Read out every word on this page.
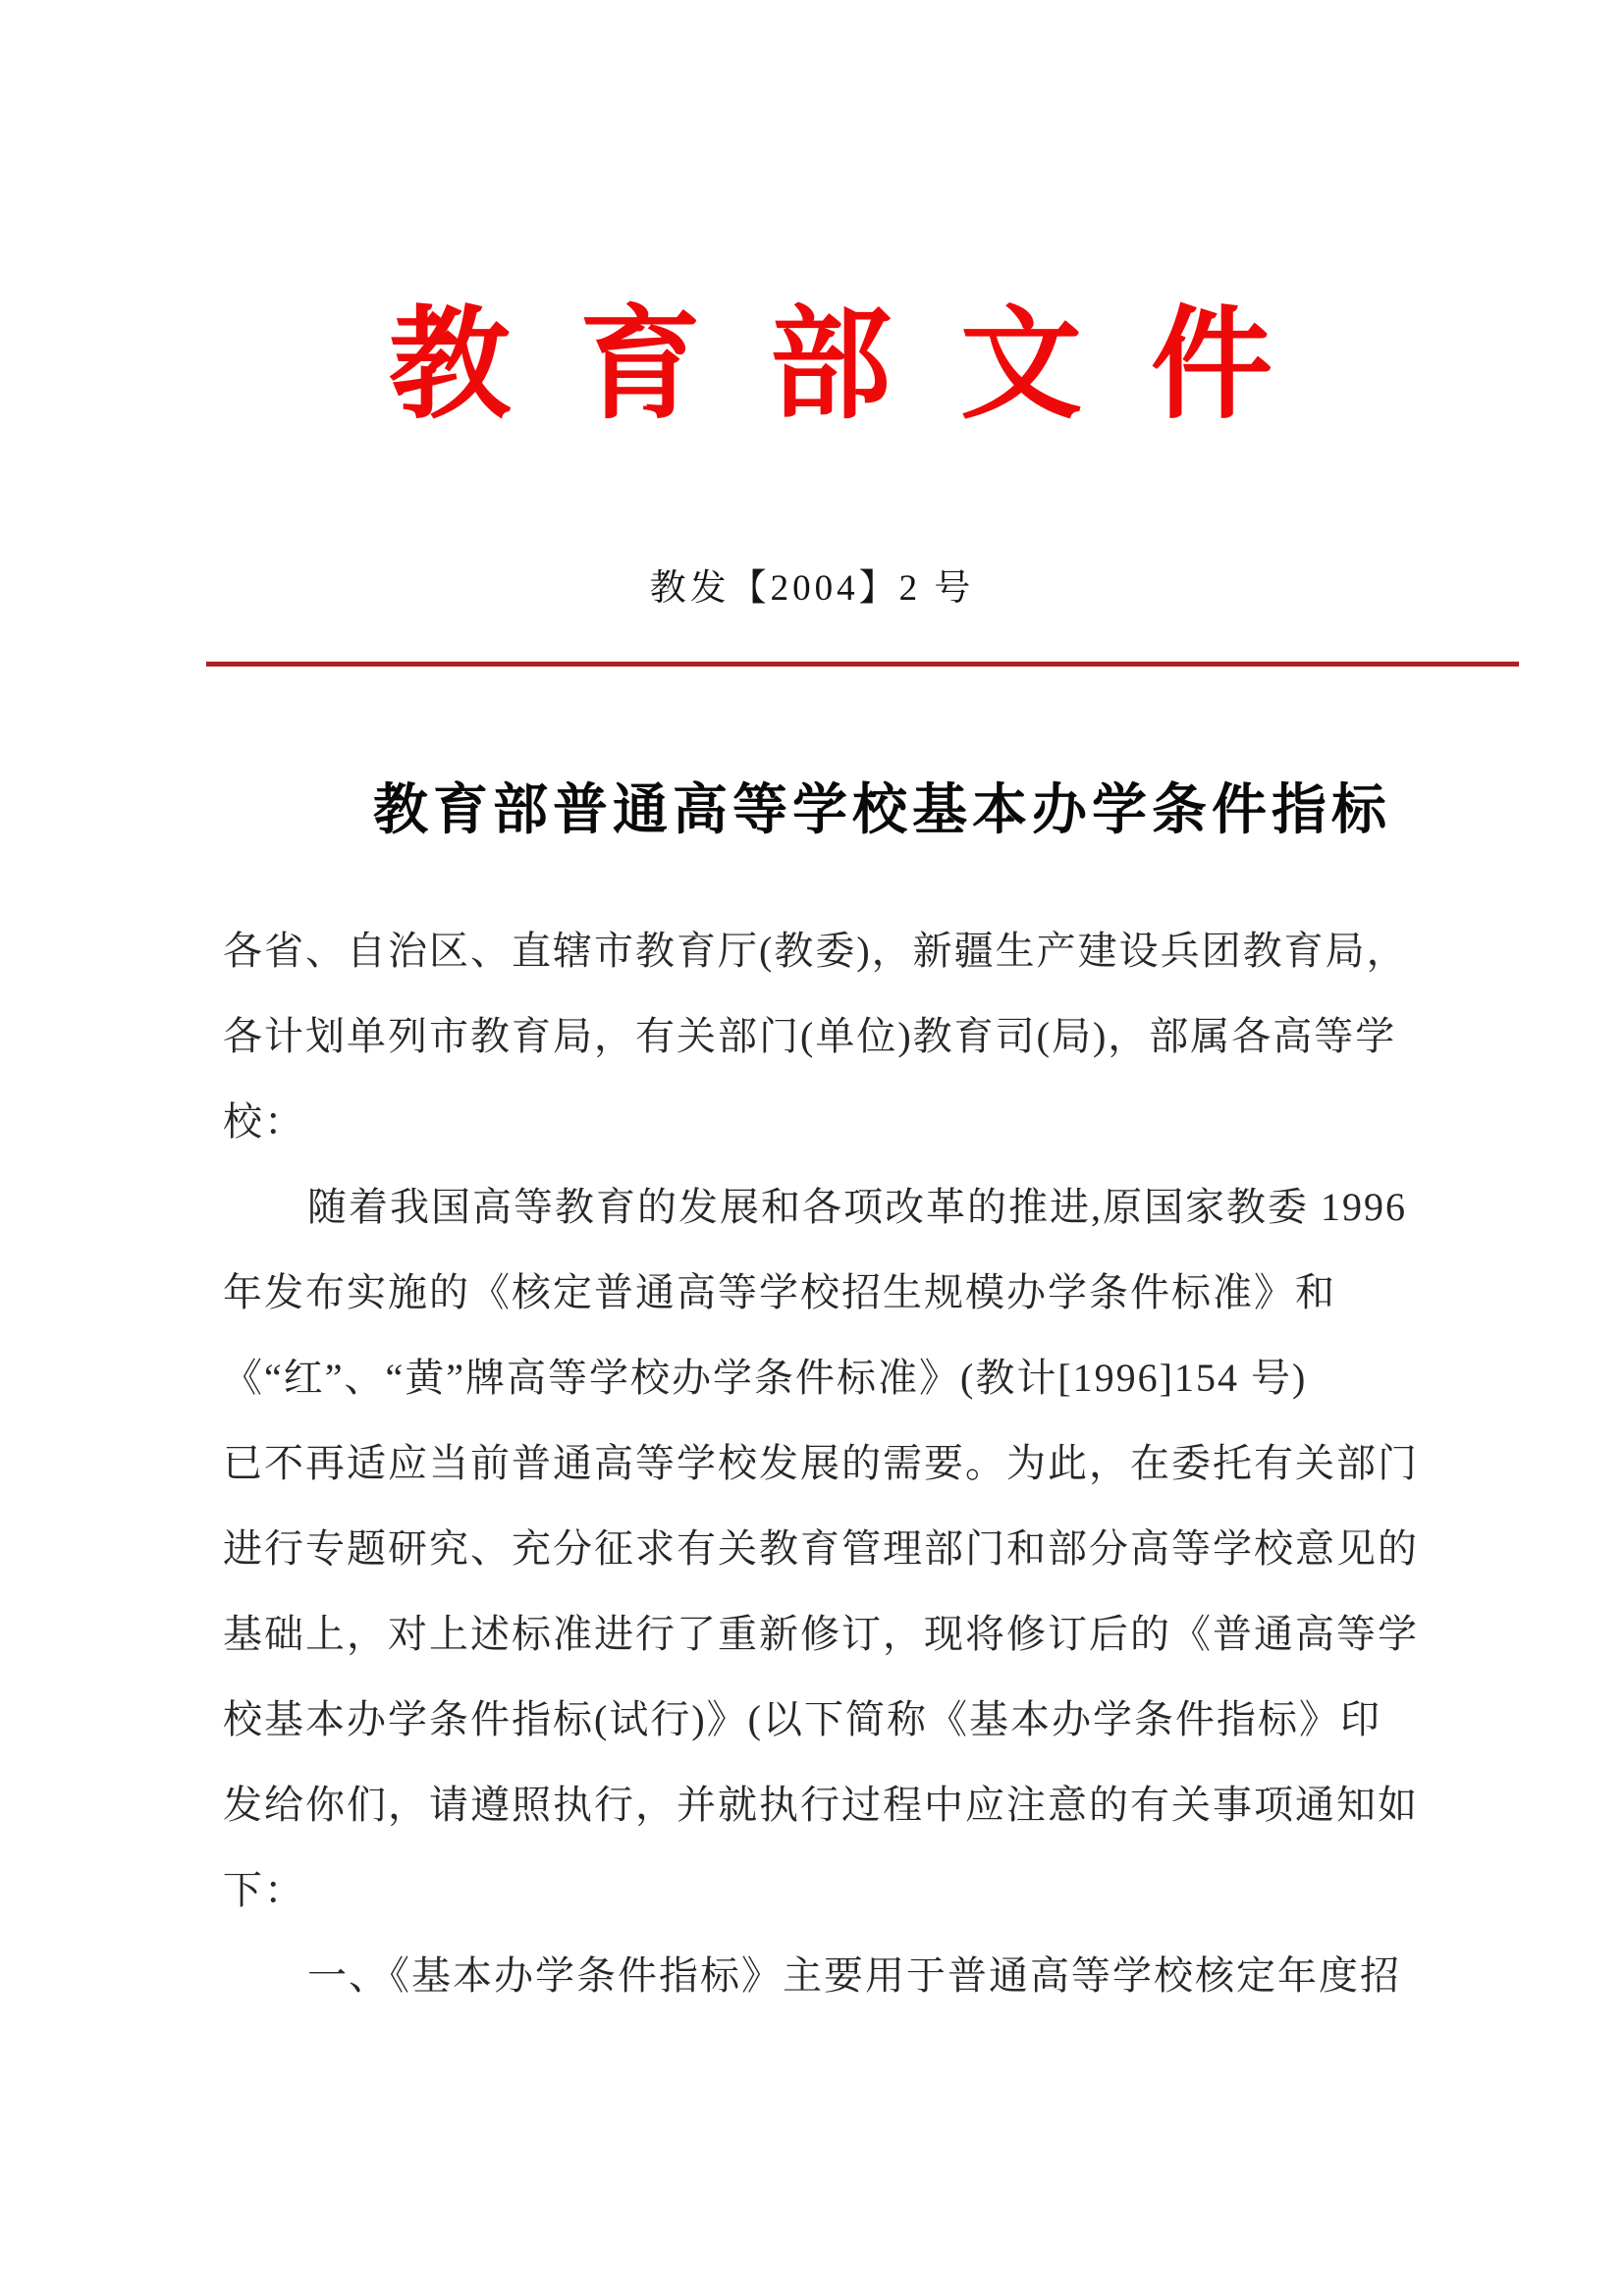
教育部文件
教发【2004】2 号
教育部普通高等学校基本办学条件指标
各省、自治区、直辖市教育厅(教委)，新疆生产建设兵团教育局，
各计划单列市教育局，有关部门(单位)教育司(局)，部属各高等学
校：
随着我国高等教育的发展和各项改革的推进,原国家教委 1996
年发布实施的《核定普通高等学校招生规模办学条件标准》和
《“红”、“黄”牌高等学校办学条件标准》(教计[1996]154 号)
已不再适应当前普通高等学校发展的需要。为此，在委托有关部门
进行专题研究、充分征求有关教育管理部门和部分高等学校意见的
基础上，对上述标准进行了重新修订，现将修订后的《普通高等学
校基本办学条件指标(试行)》(以下简称《基本办学条件指标》印
发给你们，请遵照执行，并就执行过程中应注意的有关事项通知如
下：
一、《基本办学条件指标》主要用于普通高等学校核定年度招
